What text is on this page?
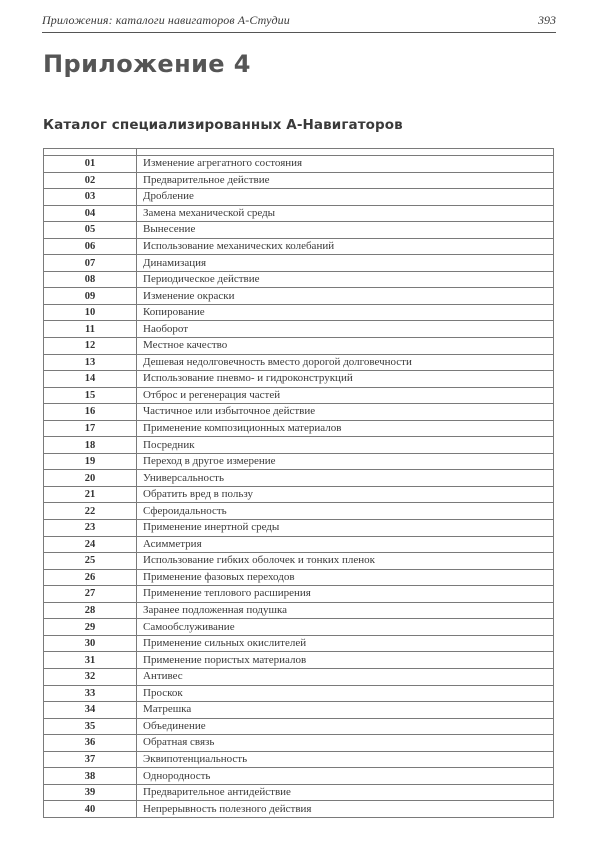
Приложения: каталоги навигаторов А-Студии	393
Приложение 4
Каталог специализированных А-Навигаторов

01	Изменение агрегатного состояния
02	Предварительное действие
03	Дробление
04	Замена механической среды
05	Вынесение
06	Использование механических колебаний
07	Динамизация
08	Периодическое действие
09	Изменение окраски
10	Копирование
11	Наоборот
12	Местное качество
13	Дешевая недолговечность вместо дорогой долговечности
14	Использование пневмо- и гидроконструкций
15	Отброс и регенерация частей
16	Частичное или избыточное действие
17	Применение композиционных материалов
18	Посредник
19	Переход в другое измерение
20	Универсальность
21	Обратить вред в пользу
22	Сфероидальность
23	Применение инертной среды
24	Асимметрия
25	Использование гибких оболочек и тонких пленок
26	Применение фазовых переходов
27	Применение теплового расширения
28	Заранее подложенная подушка
29	Самообслуживание
30	Применение сильных окислителей
31	Применение пористых материалов
32	Антивес
33	Проскок
34	Матрешка
35	Объединение
36	Обратная связь
37	Эквипотенциальность
38	Однородность
39	Предварительное антидействие
40	Непрерывность полезного действия
